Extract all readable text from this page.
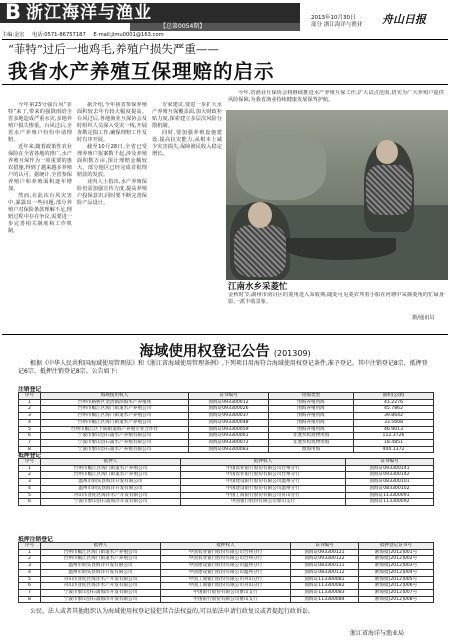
B 浙江海洋与渔业
【总第0054期】
2013年10月30日
部分 浙江海洋与渔业 舟山日报
主编:金宏 电话:0571-86757187 E-mail:jlmu0001@163.com
“菲特”过后一地鸡毛,养殖户损失严重——
我省水产养殖互保理赔的启示

今年第23号强台风“菲特”来了,带来的强降雨给全省多地造成严重水灾,多地养殖户损失惨重。台风过后,全省水产养殖户纷纷申请理赔。

近年来,随着政策性农业保险在全省各地的推广,水产养殖互保作为一项重要的惠农措施,得到了越来越多养殖户的认可。据统计,全省参保养殖户和养殖面积逐年增加。

然而,在此次台风灾害中,暴露出一些问题,部分养殖户对保险条款理解不足,理赔过程中存在争议,需要进一步完善相关制度和工作机制。

据介绍,今年我省参保养殖面积较去年有较大幅度提高。台风过后,各地渔业互保协会及时组织人员深入受灾一线,开展查勘定损工作,确保理赔工作及时有序开展。

截至10月28日,全省已受理养殖户报案数千起,涉及养殖面积数万亩,预计理赔金额较大。部分地区已经完成首批理赔款的发放。

业内人士指出,水产养殖保险仍需加强宣传力度,提高养殖户投保意识,同时要不断完善保险产品设计。

专家建议,要进一步扩大水产养殖互保覆盖面,加大财政补贴力度,探索建立多层次风险分散机制。

同时,要加强养殖设施建设,提高抗灾能力,从根本上减少灾害损失,保障渔民收入稳定增长。

今年,省渔业互保协会将继续推进水产养殖互保工作,扩大试点范围,切实为广大养殖户提供风险保障,为我省渔业持续健康发展保驾护航。

江南水乡采菱忙
金秋时节,湖州市南浔区的菱角进入采收期,随处可见菱农驾着小船在河塘中采摘菱角的忙碌身影,一派丰收景象。
摄/通讯员
海域使用权登记公告 (201309)
根据《中华人民共和国海域使用管理法》和《浙江省海域使用管理条例》,下列项目用海符合海域使用权登记条件,准予登记。其中注销登记8宗、抵押登记6宗、抵押注销登记8宗。公告如下:
注销登记
序号	海域使用权人	证书编号	用海类型	面积(公顷)
1	台州市路桥区金清镇滨海水产养殖场	国海证093300012	围海养殖用海	41.2276
2	台州市椒江区海门街道水产养殖公司	国海证093300026	围海养殖用海	45.7862
3	台州市椒江区海门街道水产养殖公司	国海证093300037	围海养殖用海	39.8642
4	台州市椒江区海门街道水产养殖公司	国海证093300048	围海养殖用海	33.5608
5	台州市椒江区下陈街道海产养殖专业合作社	国海证093300059	围海养殖用海	46.9013
6	宁波市象山县石浦水产养殖有限公司	国海证093300061	非透水构筑物用海	112.3726
7	宁波市象山县石浦水产养殖有限公司	国海证093300072	非透水构筑物用海	18.4851
8	宁波市象山县石浦水产养殖有限公司	国海证093300083	围海用海	404.1372
抵押登记
序号	抵押人	抵押权人	证书编号
1	台州市椒江区海门街道水产养殖公司	中国农业银行股份有限公司台州分行	国海证093300141
2	台州市椒江区海门街道水产养殖公司	中国农业银行股份有限公司台州分行	国海证093300142
3	温州市洞头县海洋开发有限公司	中国建设银行股份有限公司温州分行	国海证083300101
4	温州市洞头县海洋开发有限公司	中国建设银行股份有限公司温州分行	国海证083300102
5	舟山市普陀区海洋水产开发有限公司	中国工商银行股份有限公司舟山分行	国海证113300091
6	宁波市象山县石浦海洋开发有限公司	中国银行股份有限公司象山支行	国海证113300092
抵押注销登记
序号	抵押人	抵押权人	证书编号	抵押登记证书号
1	台州市椒江区海门街道水产养殖公司	中国农业银行股份有限公司台州分行	国海证093300121	浙海抵[2012]001号
2	台州市椒江区海门街道水产养殖公司	中国农业银行股份有限公司台州分行	国海证093300122	浙海抵[2012]002号
3	温州市洞头县海洋开发有限公司	中国建设银行股份有限公司温州分行	国海证083300111	浙海抵[2012]003号
4	温州市洞头县海洋开发有限公司	中国建设银行股份有限公司温州分行	国海证083300112	浙海抵[2012]004号
5	舟山市普陀区海洋水产开发有限公司	中国工商银行股份有限公司舟山分行	国海证113300081	浙海抵[2012]005号
6	舟山市普陀区海洋水产开发有限公司	中国工商银行股份有限公司舟山分行	国海证113300082	浙海抵[2012]006号
7	宁波市象山县石浦海洋开发有限公司	中国银行股份有限公司象山支行	国海证113300083	浙海抵[2012]007号
8	宁波市象山县石浦海洋开发有限公司	中国银行股份有限公司象山支行	国海证113300084	浙海抵[2012]008号
公民、法人或者其他组织认为海域使用权登记侵犯其合法权益的,可以依法申请行政复议或者提起行政诉讼。
浙江省海洋与渔业局
